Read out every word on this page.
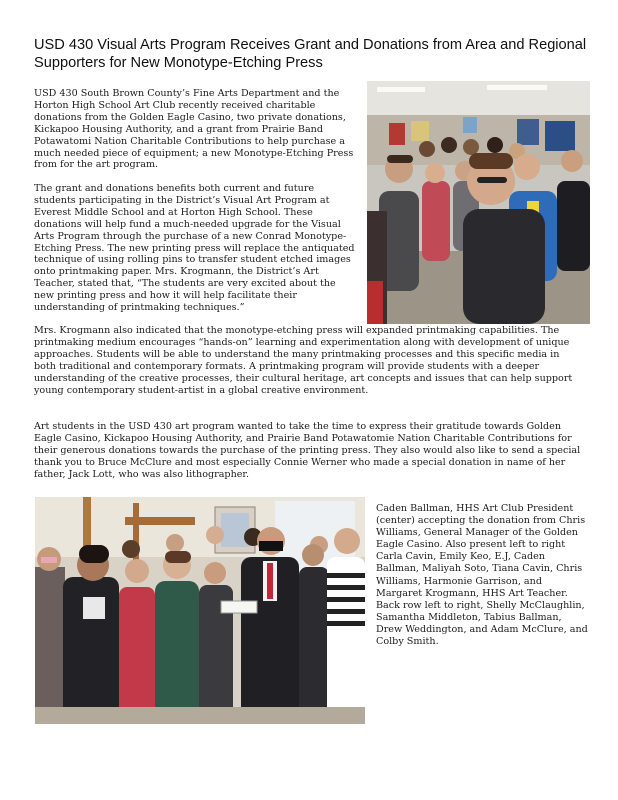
USD 430 Visual Arts Program Receives Grant and Donations from Area and Regional Supporters for New Monotype-Etching Press

USD 430 South Brown County’s Fine Arts Department and the Horton High School Art Club recently received charitable donations from the Golden Eagle Casino, two private donations, Kickapoo Housing Authority, and a grant from Prairie Band Potawatomi Nation Charitable Contributions to help purchase a much needed piece of equipment; a new Monotype-Etching Press from for the art program.

The grant and donations benefits both current and future students participating in the District’s Visual Art Program at Everest Middle School and at Horton High School. These donations will help fund a much-needed upgrade for the Visual Arts Program through the purchase of a new Conrad Monotype-Etching Press. The new printing press will replace the antiquated technique of using rolling pins to transfer student etched images onto printmaking paper. Mrs. Krogmann, the District’s Art Teacher, stated that, “The students are very excited about the new printing press and how it will help facilitate their understanding of printmaking techniques.”

Mrs. Krogmann also indicated that the monotype-etching press will expanded printmaking capabilities. The printmaking medium encourages “hands-on” learning and experimentation along with development of unique approaches. Students will be able to understand the many printmaking processes and this specific media in both traditional and contemporary formats. A printmaking program will provide students with a deeper understanding of the creative processes, their cultural heritage, art concepts and issues that can help support young contemporary student-artist in a global creative environment.

Art students in the USD 430 art program wanted to take the time to express their gratitude towards Golden Eagle Casino, Kickapoo Housing Authority, and Prairie Band Potawatomie Nation Charitable Contributions for their generous donations towards the purchase of the printing press. They also would also like to send a special thank you to Bruce McClure and most especially Connie Werner who made a special donation in name of her father, Jack Lott, who was also lithographer.

Caden Ballman, HHS Art Club President (center) accepting the donation from Chris Williams, General Manager of the Golden Eagle Casino. Also present left to right Carla Cavin, Emily Keo, E.J, Caden Ballman, Maliyah Soto, Tiana Cavin, Chris Williams, Harmonie Garrison, and Margaret Krogmann, HHS Art Teacher. Back row left to right, Shelly McClaughlin, Samantha Middleton, Tabius Ballman, Drew Weddington, and Adam McClure, and Colby Smith.
